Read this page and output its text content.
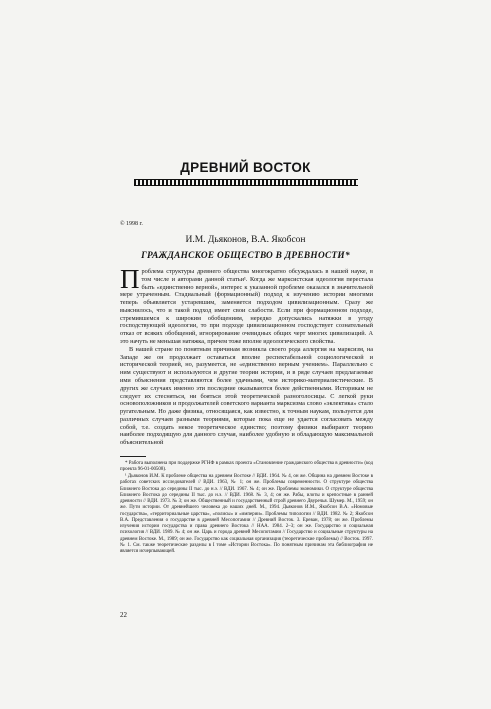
ДРЕВНИЙ ВОСТОК
© 1998 г.
И.М. Дьяконов, В.А. Якобсон
ГРАЖДАНСКОЕ ОБЩЕСТВО В ДРЕВНОСТИ*

Проблема структуры древнего общества многократно обсуждалась в нашей науке, в том числе и авторами данной статьи¹. Когда же марксистская идеология перестала быть «единственно верной», интерес к указанной проблеме оказался в значительной мере утраченным. Стадиальный (формационный) подход к изучению истории многими теперь объявляется устаревшим, заменяется подходом цивилизационным. Сразу же выяснилось, что и такой подход имеет свои слабости. Если при формационном подходе, стремившемся к широким обобщениям, нередко допускались натяжки в угоду господствующей идеологии, то при подходе цивилизационном господствует сознательный отказ от всяких обобщений, игнорирование очевидных общих черт многих цивилизаций. А это начуть не меньшая натяжка, причем тоже вполне идеологического свойства.

В нашей стране по понятным причинам возникла своего рода аллергия на марксизм, на Западе же он продолжает оставаться вполне респектабельной социологической и исторической теорией, но, разумеется, не «единственно верным учением». Параллельно с ним существуют и используются и другие теории истории, и в ряде случаев предлагаемые ими объяснения представляются более удачными, чем историко-материалистические. В других же случаях именно эти последние оказываются более действенными. Историкам не следует их стесняться, ни бояться этой теоретической разноголосицы. С легкой руки основоположников и продолжателей советского варианта марксизма слово «эклектика» стало ругательным. Но даже физика, относящаяся, как известно, к точным наукам, пользуется для различных случаев разными теориями, которые пока еще не удается согласовать между собой, т.е. создать некое теоретическое единство; поэтому физики выбирают теорию наиболее подходящую для данного случая, наиболее удобную и обладающую максимальной объяснительной

* Работа выполнена при поддержке РГНФ в рамках проекта «Становление гражданского общества в древности» (код проекта 96-01-00508).

¹ Дьяконов И.М. К проблеме общества на древнем Востоке // ВДИ. 1964. № 4, он же. Община на древнем Востоке в работах советских исследователей // ВДИ. 1963, № 1; он же. Проблемы современности. О структуре общества Ближнего Востока до середины II тыс. до н.э. // ВДИ. 1967. № 4; он же. Проблемы экономики. О структуре общества Ближнего Востока до середины II тыс. до н.э. // ВДИ. 1968. № 3, 4; он же. Рабы, илоты и крепостные в ранней древности // ВДИ. 1973. № 3; он же. Общественный и государственный строй древнего Двуречья. Шумер. М., 1959; он же. Пути истории. От древнейшего человека до наших дней. М., 1994. Дьяконов И.М., Якобсон В.А. «Номовые государства», «территориальные царства», «полисы» и «империи». Проблемы типологии // ВДИ. 1982. № 2; Якобсон В.А. Представления о государстве в древней Месопотамии // Древний Восток. 3. Ереван, 1978; он же. Проблемы изучения истории государства и права древнего Востока // НАА. 1984. 2–3; он же. Государство и социальная психология // ВДИ. 1989. № 4; он же. Царь и города древней Месопотамии // Государство и социальные структуры на древнем Востоке. М., 1989; он же. Государство как социальная организация (теоретические проблемы) // Восток. 1997. № 1. См. также теоретические разделы в I томе «Истории Востока». По понятным причинам эта библиография не является исчерпывающей.

22
